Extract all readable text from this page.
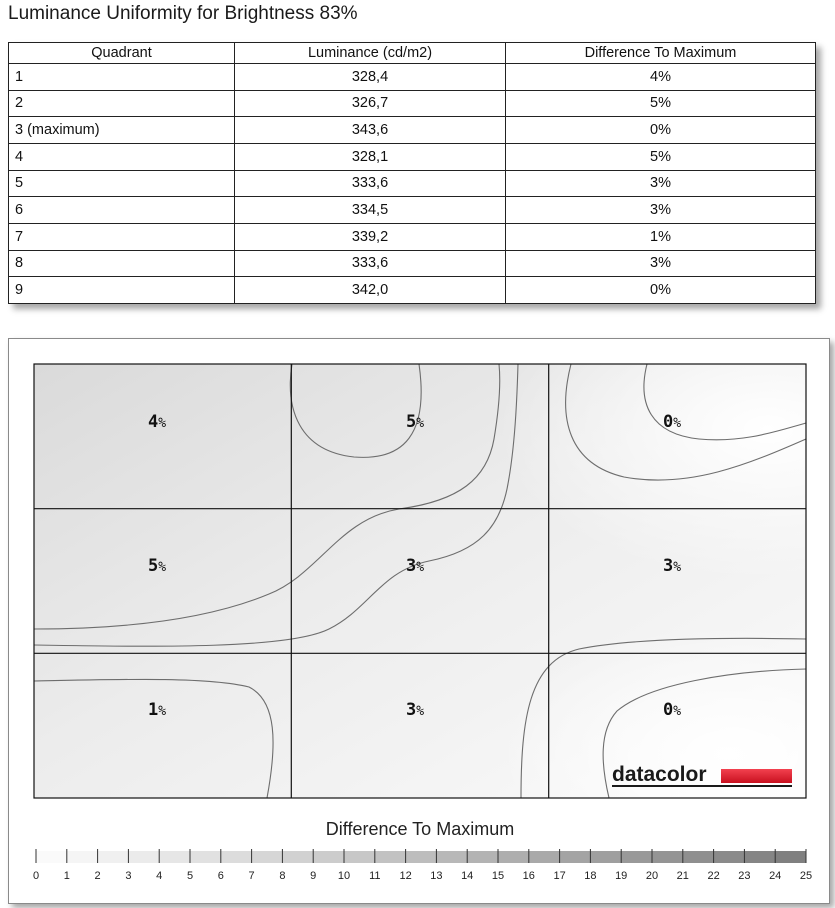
Luminance Uniformity for Brightness 83%
Quadrant	Luminance (cd/m2)	Difference To Maximum
1	328,4	4%
2	326,7	5%
3 (maximum)	343,6	0%
4	328,1	5%
5	333,6	3%
6	334,5	3%
7	339,2	1%
8	333,6	3%
9	342,0	0%
4%	5%	0%
5%	3%	3%
1%	3%	0%
datacolor
0 1 2 3 4 5 6 7 8 9 10 11 12 13 14 15 16 17 18 19 20 21 22 23 24 25
Difference To Maximum
